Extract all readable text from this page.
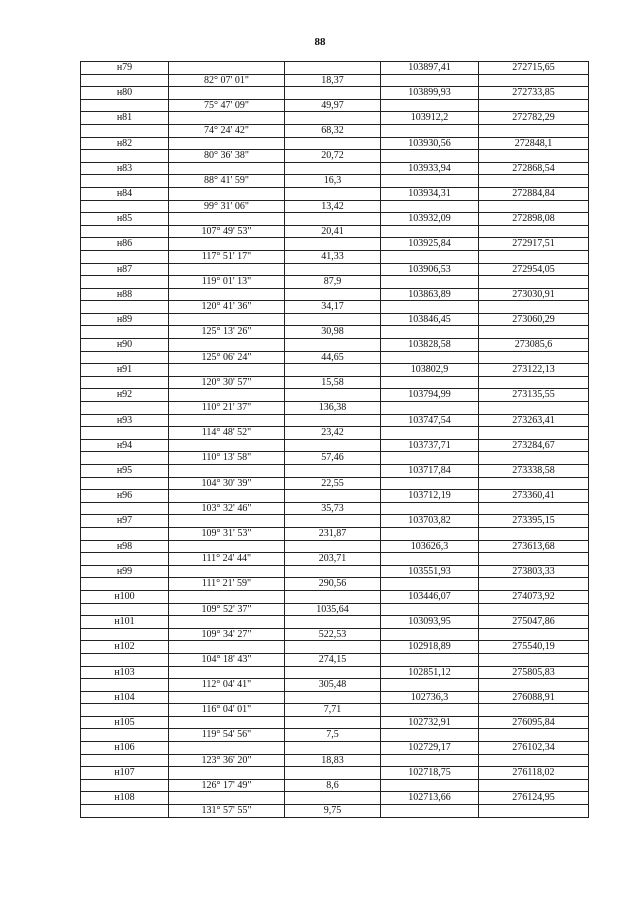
88
н79			103897,41	272715,65
	82° 07' 01"	18,37		
н80			103899,93	272733,85
	75° 47' 09"	49,97		
н81			103912,2	272782,29
	74° 24' 42"	68,32		
н82			103930,56	272848,1
	80° 36' 38"	20,72		
н83			103933,94	272868,54
	88° 41' 59"	16,3		
н84			103934,31	272884,84
	99° 31' 06"	13,42		
н85			103932,09	272898,08
	107° 49' 53"	20,41		
н86			103925,84	272917,51
	117° 51' 17"	41,33		
н87			103906,53	272954,05
	119° 01' 13"	87,9		
н88			103863,89	273030,91
	120° 41' 36"	34,17		
н89			103846,45	273060,29
	125° 13' 26"	30,98		
н90			103828,58	273085,6
	125° 06' 24"	44,65		
н91			103802,9	273122,13
	120° 30' 57"	15,58		
н92			103794,99	273135,55
	110° 21' 37"	136,38		
н93			103747,54	273263,41
	114° 48' 52"	23,42		
н94			103737,71	273284,67
	110° 13' 58"	57,46		
н95			103717,84	273338,58
	104° 30' 39"	22,55		
н96			103712,19	273360,41
	103° 32' 46"	35,73		
н97			103703,82	273395,15
	109° 31' 53"	231,87		
н98			103626,3	273613,68
	111° 24' 44"	203,71		
н99			103551,93	273803,33
	111° 21' 59"	290,56		
н100			103446,07	274073,92
	109° 52' 37"	1035,64		
н101			103093,95	275047,86
	109° 34' 27"	522,53		
н102			102918,89	275540,19
	104° 18' 43"	274,15		
н103			102851,12	275805,83
	112° 04' 41"	305,48		
н104			102736,3	276088,91
	116° 04' 01"	7,71		
н105			102732,91	276095,84
	119° 54' 56"	7,5		
н106			102729,17	276102,34
	123° 36' 20"	18,83		
н107			102718,75	276118,02
	126° 17' 49"	8,6		
н108			102713,66	276124,95
	131° 57' 55"	9,75		
